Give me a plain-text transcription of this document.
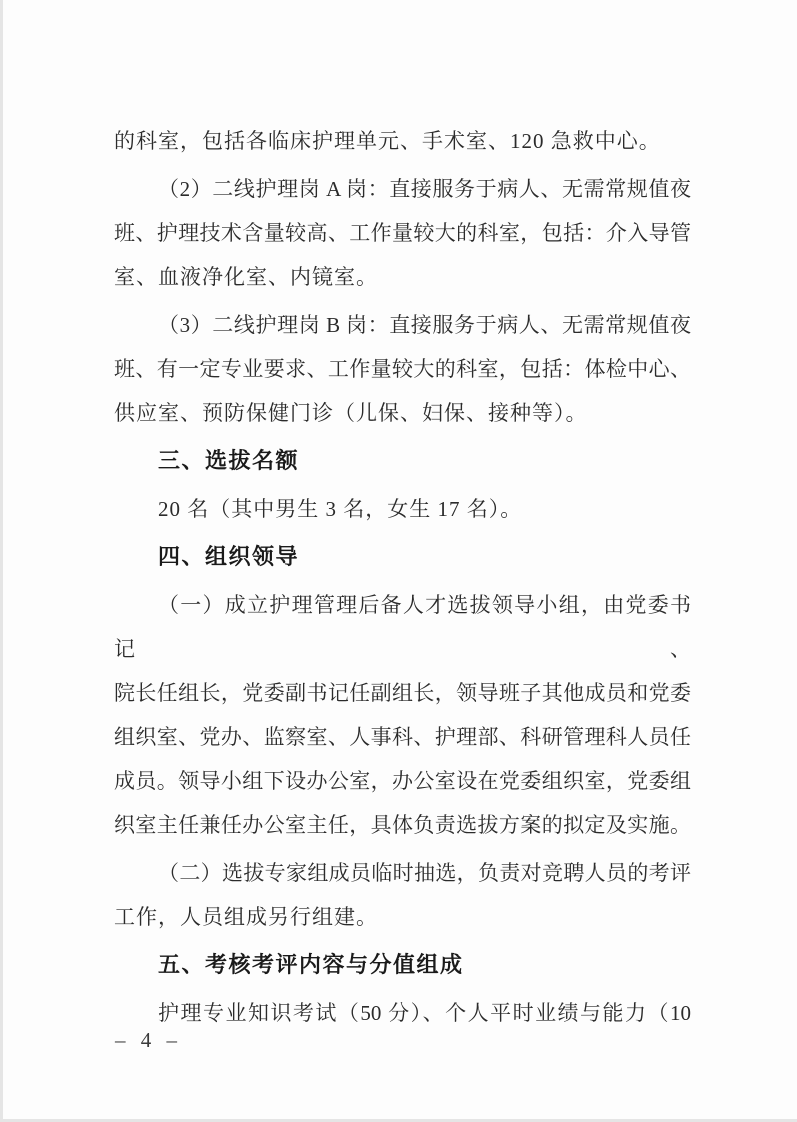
的科室，包括各临床护理单元、手术室、120 急救中心。
（2）二线护理岗 A 岗：直接服务于病人、无需常规值夜
班、护理技术含量较高、工作量较大的科室，包括：介入导管
室、血液净化室、内镜室。
（3）二线护理岗 B 岗：直接服务于病人、无需常规值夜
班、有一定专业要求、工作量较大的科室，包括：体检中心、
供应室、预防保健门诊（儿保、妇保、接种等）。
三、选拔名额
20 名（其中男生 3 名，女生 17 名）。
四、组织领导
（一）成立护理管理后备人才选拔领导小组，由党委书记、
院长任组长，党委副书记任副组长，领导班子其他成员和党委
组织室、党办、监察室、人事科、护理部、科研管理科人员任
成员。领导小组下设办公室，办公室设在党委组织室，党委组
织室主任兼任办公室主任，具体负责选拔方案的拟定及实施。
（二）选拔专家组成员临时抽选，负责对竞聘人员的考评
工作，人员组成另行组建。
五、考核考评内容与分值组成
护理专业知识考试（50 分）、个人平时业绩与能力（10
– 4 –
